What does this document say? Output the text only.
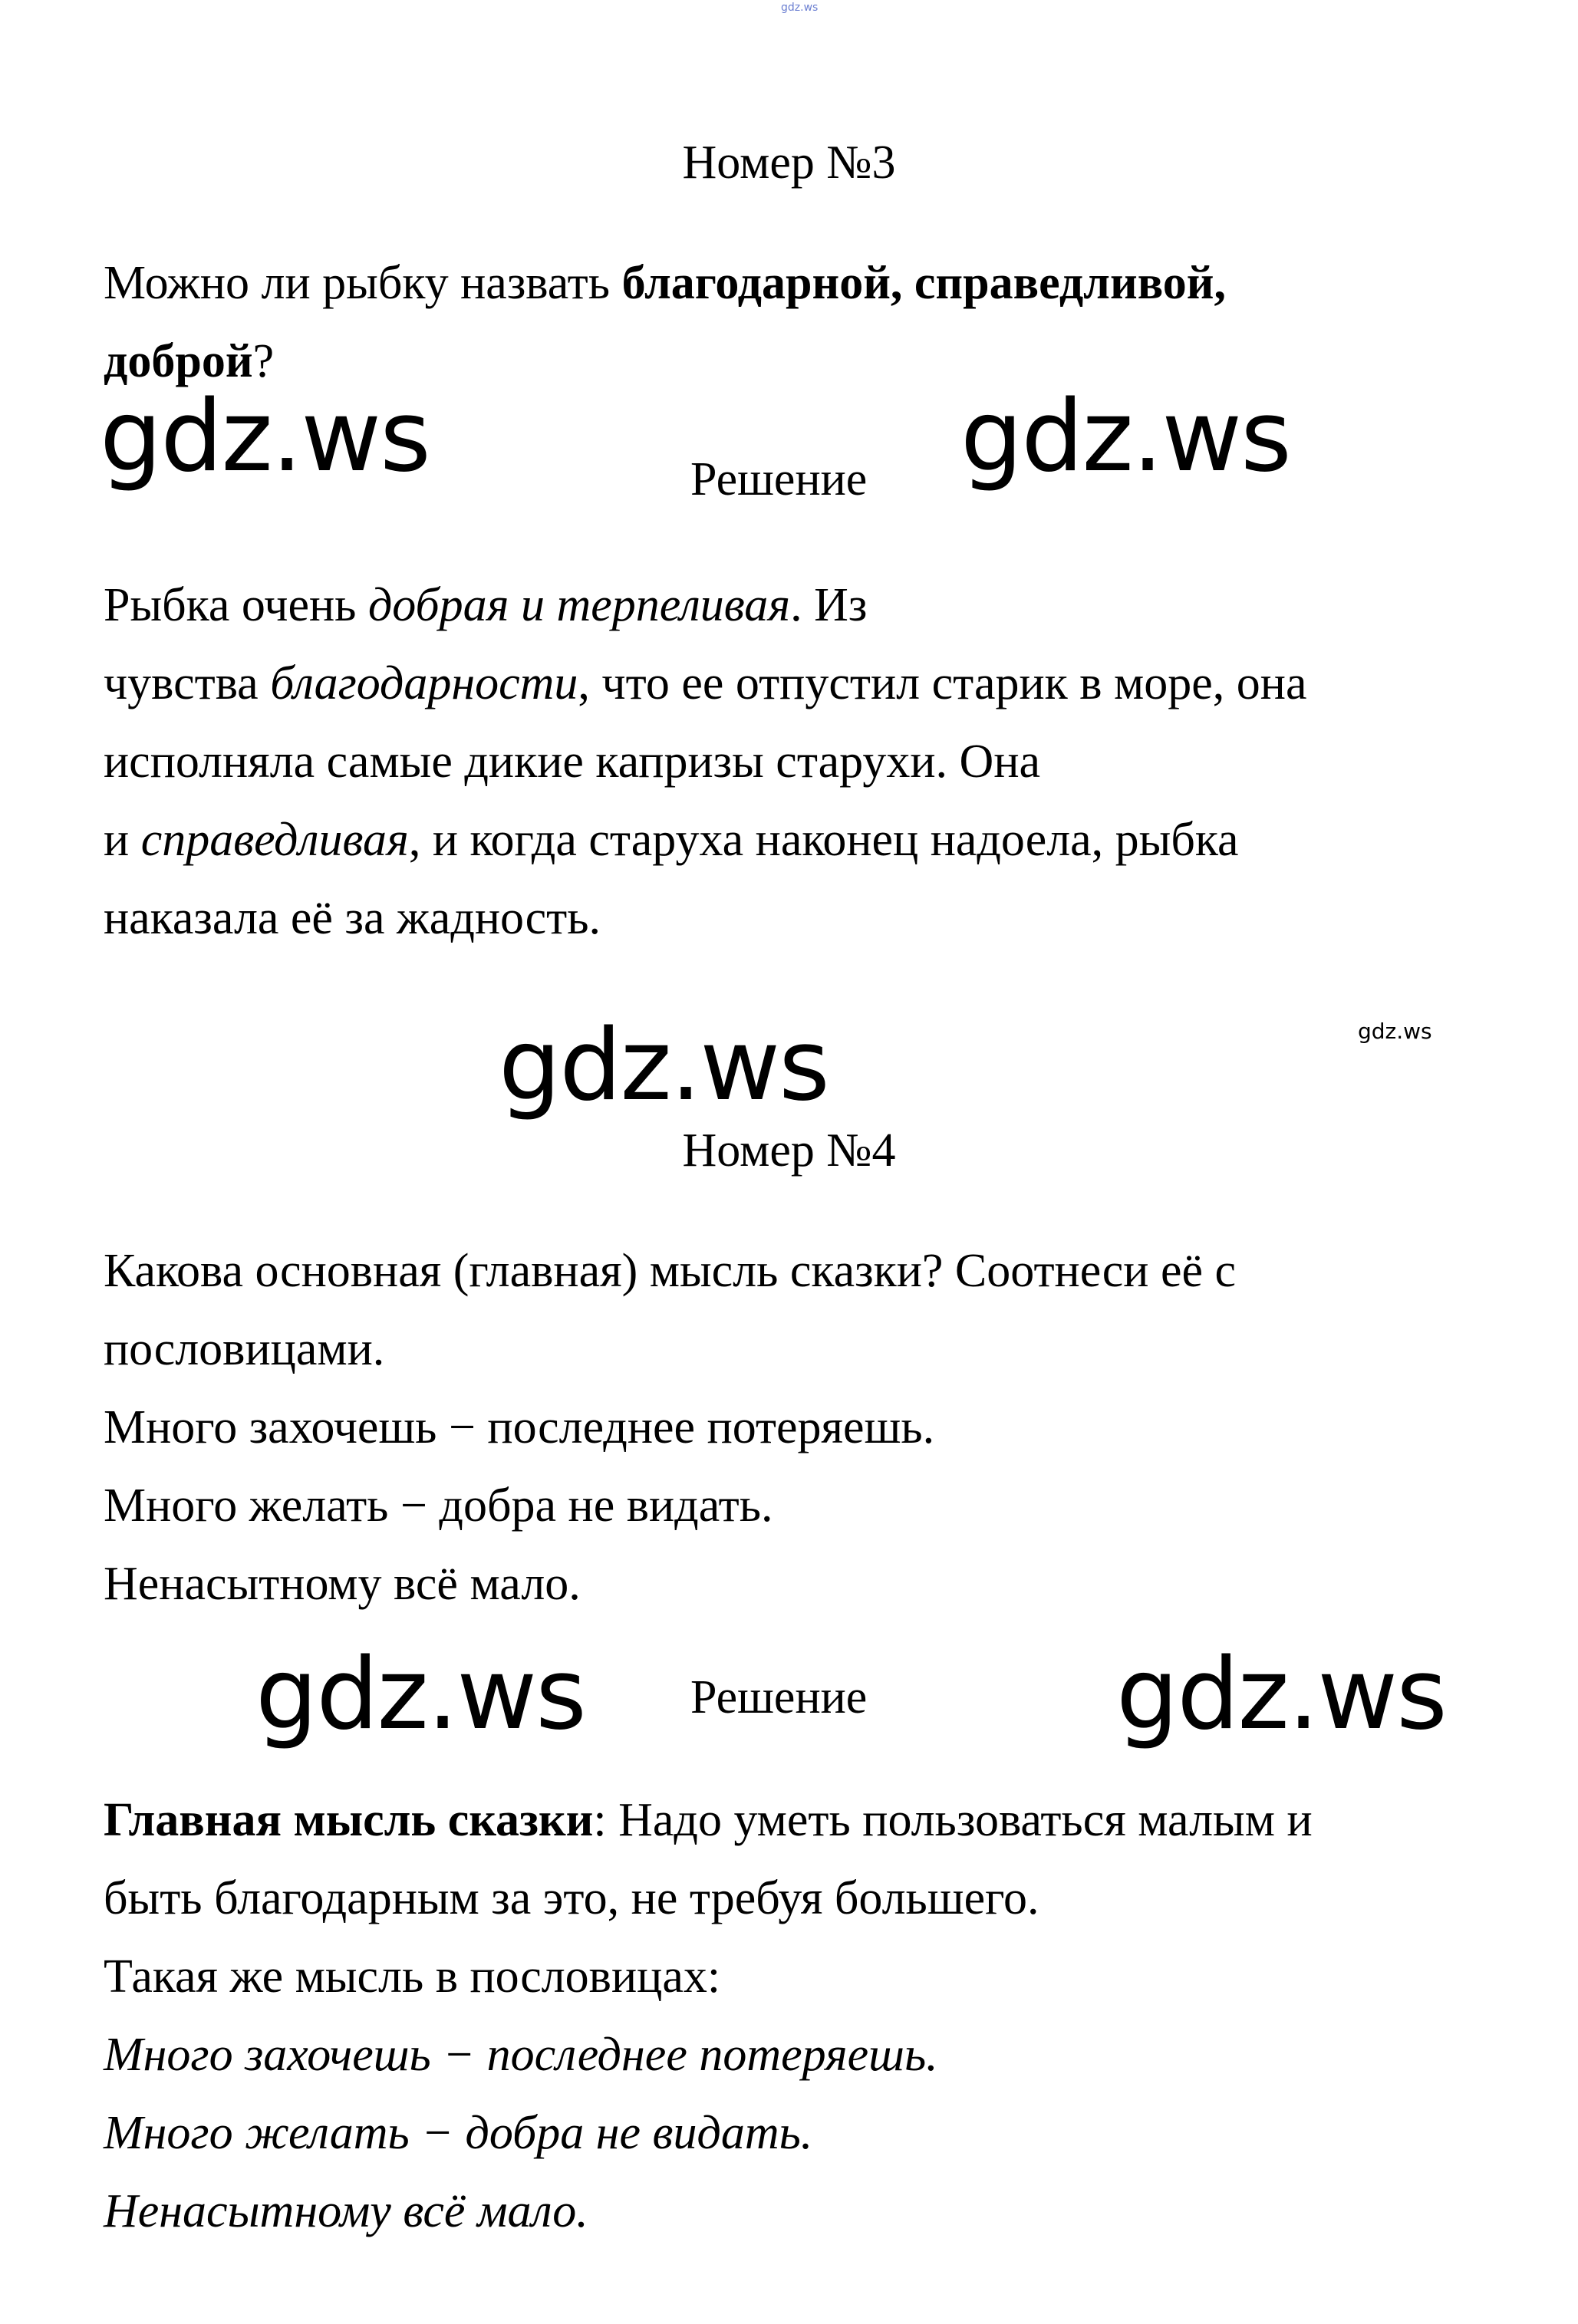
gdz.ws
Номер №3
Можно ли рыбку назвать благодарной, справедливой,
доброй?
gdz.ws	gdz.ws
Решение
Рыбка очень добрая и терпеливая. Из
чувства благодарности, что ее отпустил старик в море, она
исполняла самые дикие капризы старухи. Она
и справедливая, и когда старуха наконец надоела, рыбка
наказала её за жадность.
gdz.ws	gdz.ws
Номер №4
Какова основная (главная) мысль сказки? Соотнеси её с
пословицами.
Много захочешь − последнее потеряешь.
Много желать − добра не видать.
Ненасытному всё мало.
gdz.ws	gdz.ws
Решение
Главная мысль сказки: Надо уметь пользоваться малым и
быть благодарным за это, не требуя большего.
Такая же мысль в пословицах:
Много захочешь − последнее потеряешь.
Много желать − добра не видать.
Ненасытному всё мало.
